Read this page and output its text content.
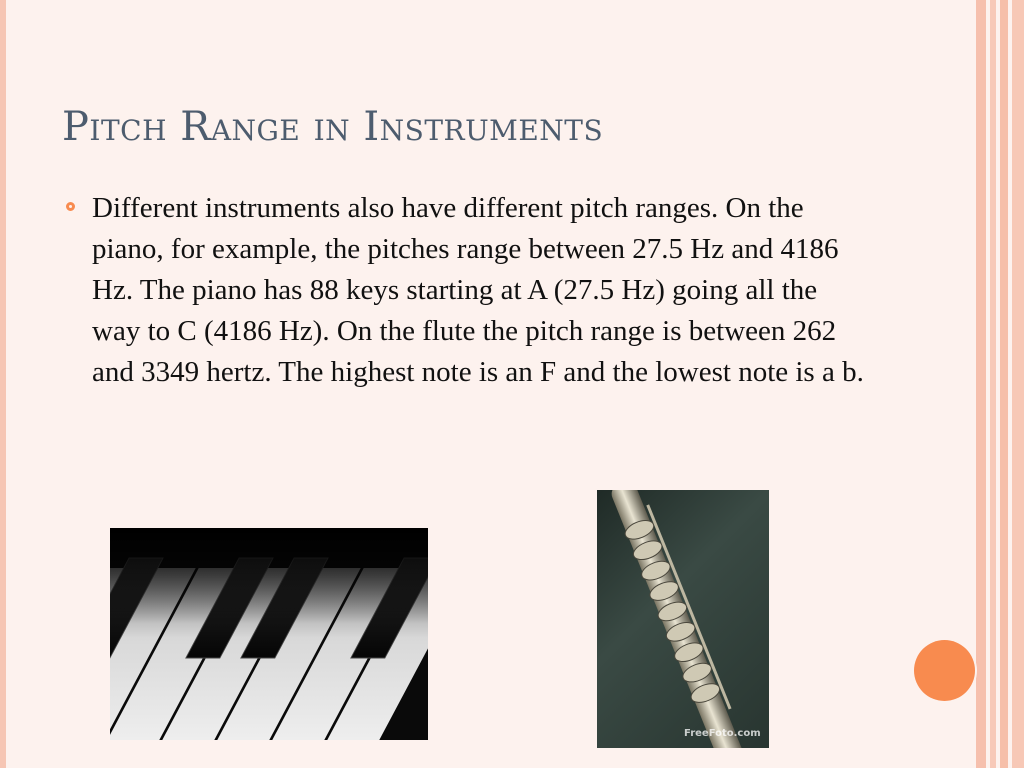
Pitch Range in Instruments

Different instruments also have different pitch ranges. On the piano, for example, the pitches range between 27.5 Hz and 4186 Hz. The piano has 88 keys starting at A (27.5 Hz) going all the way to C (4186 Hz). On the flute the pitch range is between 262 and 3349 hertz. The highest note is an F and the lowest note is a b.

FreeFoto.com
